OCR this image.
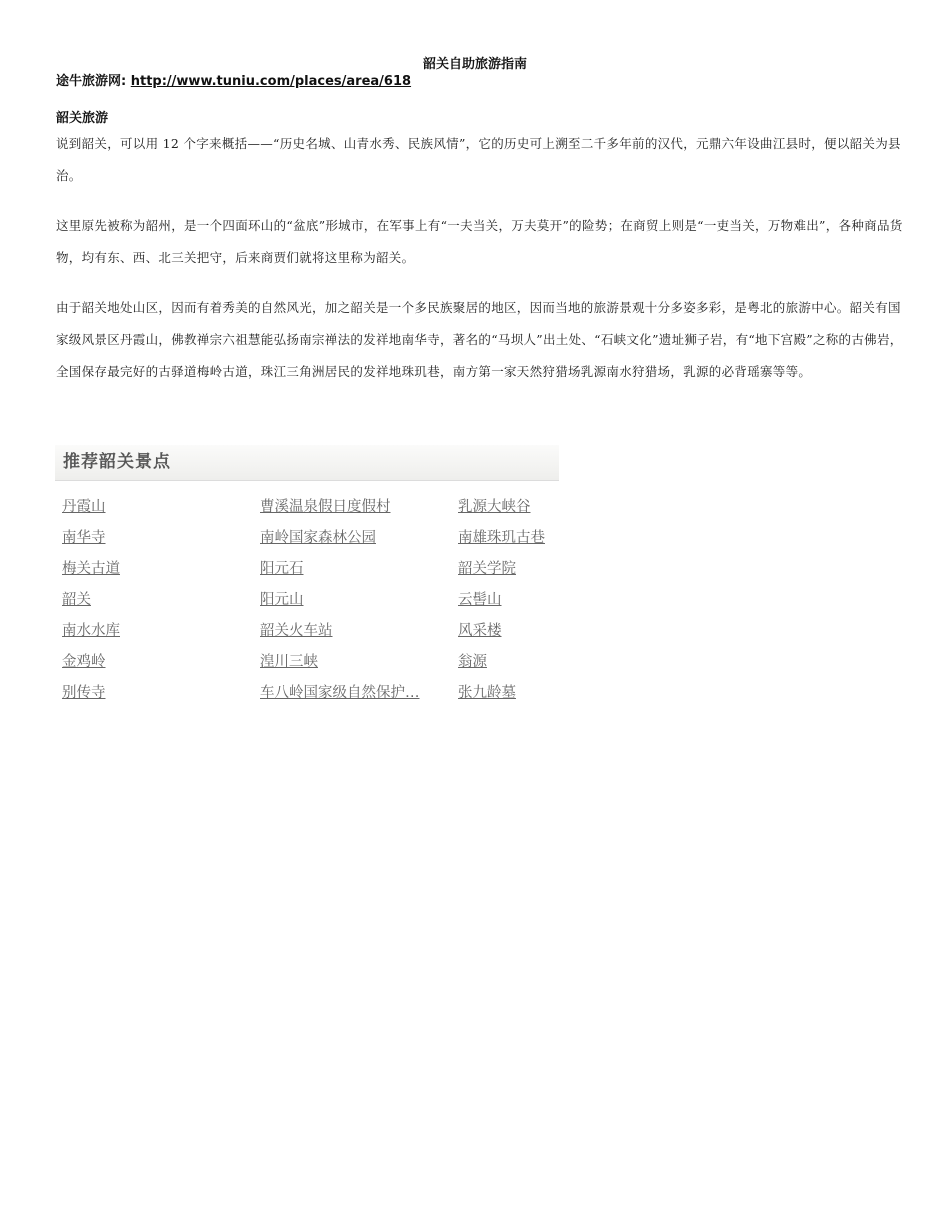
韶关自助旅游指南
途牛旅游网: http://www.tuniu.com/places/area/618
韶关旅游

说到韶关，可以用 12 个字来概括——“历史名城、山青水秀、民族风情”，它的历史可上溯至二千多年前的汉代，元鼎六年设曲江县时，便以韶关为县治。

这里原先被称为韶州，是一个四面环山的“盆底”形城市，在军事上有“一夫当关，万夫莫开”的险势；在商贸上则是“一吏当关，万物难出”，各种商品货物，均有东、西、北三关把守，后来商贾们就将这里称为韶关。

由于韶关地处山区，因而有着秀美的自然风光，加之韶关是一个多民族聚居的地区，因而当地的旅游景观十分多姿多彩，是粤北的旅游中心。韶关有国家级风景区丹霞山，佛教禅宗六祖慧能弘扬南宗禅法的发祥地南华寺，著名的“马坝人”出土处、“石峡文化”遗址狮子岩，有“地下宫殿”之称的古佛岩，全国保存最完好的古驿道梅岭古道，珠江三角洲居民的发祥地珠玑巷，南方第一家天然狩猎场乳源南水狩猎场，乳源的必背瑶寨等等。

推荐韶关景点
丹霞山	曹溪温泉假日度假村	乳源大峡谷
南华寺	南岭国家森林公园	南雄珠玑古巷
梅关古道	阳元石	韶关学院
韶关	阳元山	云髻山
南水水库	韶关火车站	风采楼
金鸡岭	湟川三峡	翁源
别传寺	车八岭国家级自然保护…	张九龄墓
